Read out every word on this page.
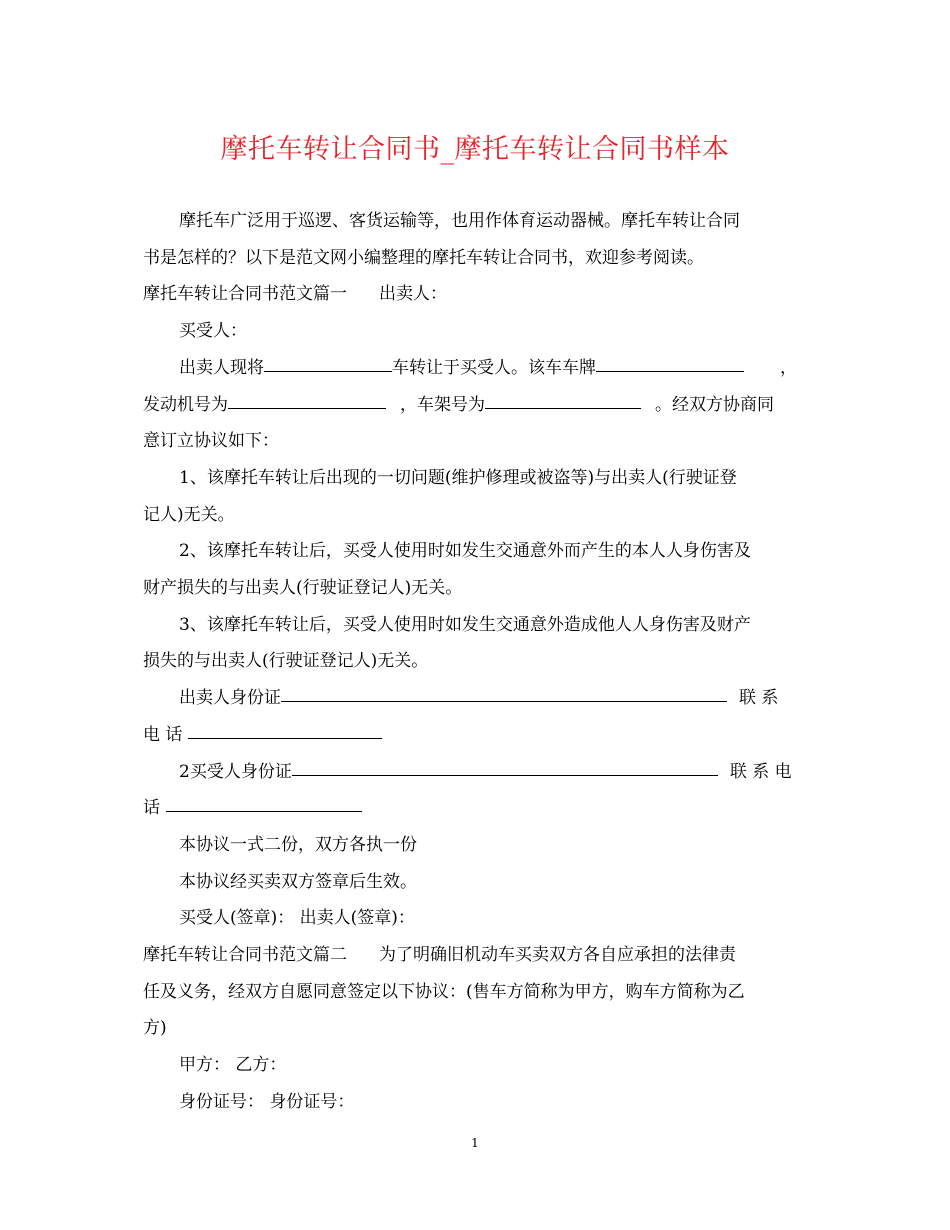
摩托车转让合同书_摩托车转让合同书样本

摩托车广泛用于巡逻、客货运输等，也用作体育运动器械。摩托车转让合同

书是怎样的？以下是范文网小编整理的摩托车转让合同书，欢迎参考阅读。

摩托车转让合同书范文篇一 出卖人：

买受人：

出卖人现将	车转让于买受人。该车车牌	，

发动机号为	，车架号为	。经双方协商同

意订立协议如下：

1、该摩托车转让后出现的一切问题(维护修理或被盗等)与出卖人(行驶证登

记人)无关。

2、该摩托车转让后，买受人使用时如发生交通意外而产生的本人人身伤害及

财产损失的与出卖人(行驶证登记人)无关。

3、该摩托车转让后，买受人使用时如发生交通意外造成他人人身伤害及财产

损失的与出卖人(行驶证登记人)无关。

出卖人身份证	联 系

电 话

2买受人身份证	联 系 电

话

本协议一式二份，双方各执一份

本协议经买卖双方签章后生效。

买受人(签章)： 出卖人(签章)：

摩托车转让合同书范文篇二 为了明确旧机动车买卖双方各自应承担的法律责

任及义务，经双方自愿同意签定以下协议：(售车方简称为甲方，购车方简称为乙

方)

甲方： 乙方：

身份证号： 身份证号：

1
